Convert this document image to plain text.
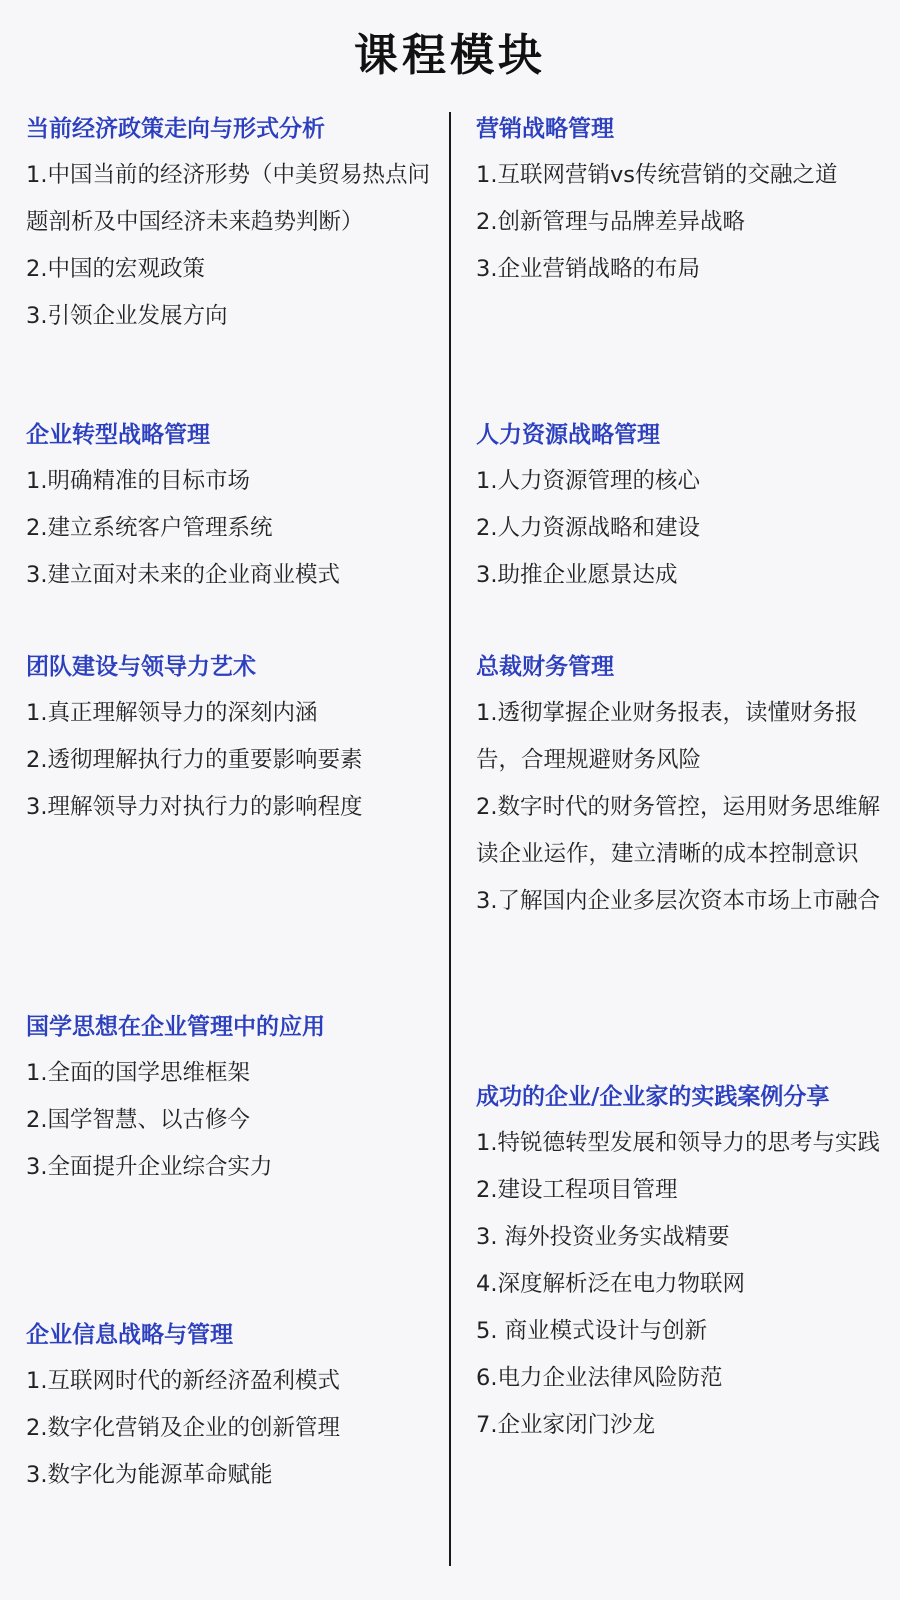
课程模块
当前经济政策走向与形式分析
1.中国当前的经济形势（中美贸易热点问题剖析及中国经济未来趋势判断）
2.中国的宏观政策
3.引领企业发展方向
企业转型战略管理
1.明确精准的目标市场
2.建立系统客户管理系统
3.建立面对未来的企业商业模式
团队建设与领导力艺术
1.真正理解领导力的深刻内涵
2.透彻理解执行力的重要影响要素
3.理解领导力对执行力的影响程度
国学思想在企业管理中的应用
1.全面的国学思维框架
2.国学智慧、以古修今
3.全面提升企业综合实力
企业信息战略与管理
1.互联网时代的新经济盈利模式
2.数字化营销及企业的创新管理
3.数字化为能源革命赋能
营销战略管理
1.互联网营销vs传统营销的交融之道
2.创新管理与品牌差异战略
3.企业营销战略的布局
人力资源战略管理
1.人力资源管理的核心
2.人力资源战略和建设
3.助推企业愿景达成
总裁财务管理
1.透彻掌握企业财务报表，读懂财务报告，合理规避财务风险
2.数字时代的财务管控，运用财务思维解读企业运作，建立清晰的成本控制意识
3.了解国内企业多层次资本市场上市融合
成功的企业/企业家的实践案例分享
1.特锐德转型发展和领导力的思考与实践
2.建设工程项目管理
3. 海外投资业务实战精要
4.深度解析泛在电力物联网
5. 商业模式设计与创新
6.电力企业法律风险防范
7.企业家闭门沙龙
